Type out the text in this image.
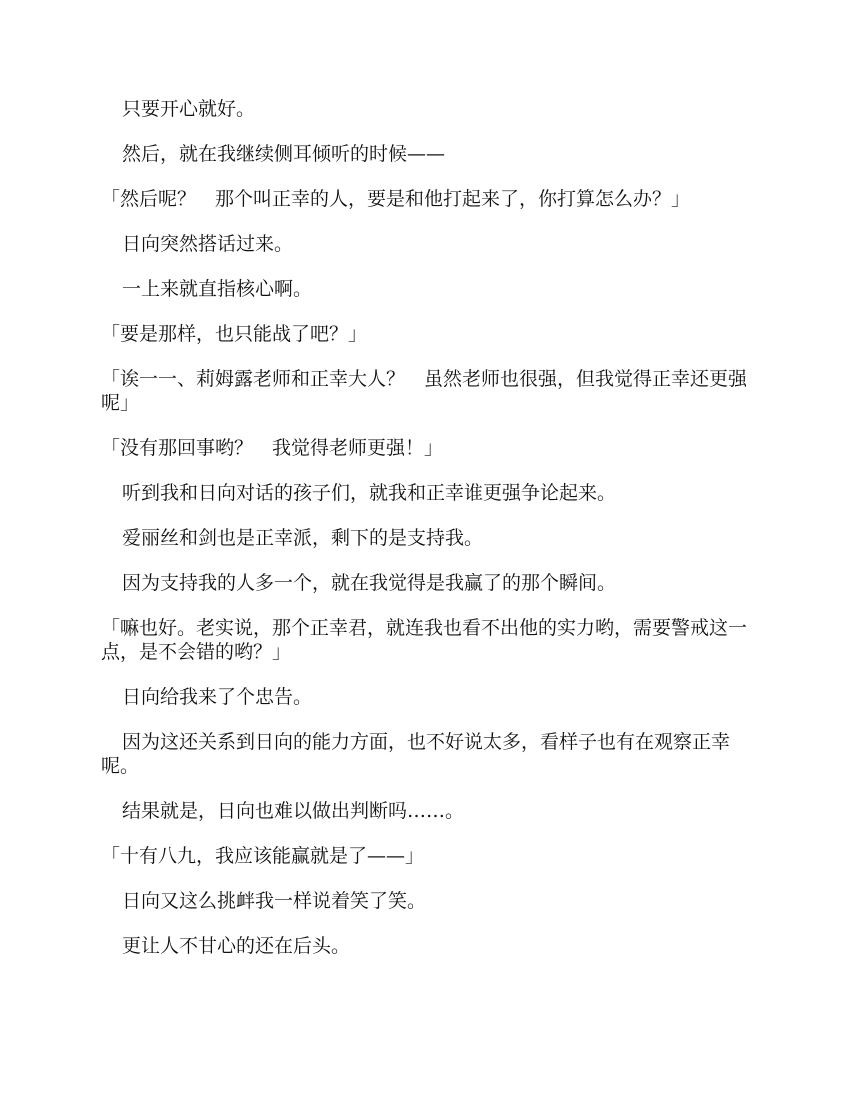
只要开心就好。

然后，就在我继续侧耳倾听的时候——

「然后呢？　那个叫正幸的人，要是和他打起来了，你打算怎么办？」

日向突然搭话过来。

一上来就直指核心啊。

「要是那样，也只能战了吧？」

「诶一一、莉姆露老师和正幸大人？　虽然老师也很强，但我觉得正幸还更强呢」

「没有那回事哟？　我觉得老师更强！」

听到我和日向对话的孩子们，就我和正幸谁更强争论起来。

爱丽丝和剑也是正幸派，剩下的是支持我。

因为支持我的人多一个，就在我觉得是我赢了的那个瞬间。

「嘛也好。老实说，那个正幸君，就连我也看不出他的实力哟，需要警戒这一点，是不会错的哟？」

日向给我来了个忠告。

因为这还关系到日向的能力方面，也不好说太多，看样子也有在观察正幸呢。

结果就是，日向也难以做出判断吗……。

「十有八九，我应该能赢就是了——」

日向又这么挑衅我一样说着笑了笑。

更让人不甘心的还在后头。
